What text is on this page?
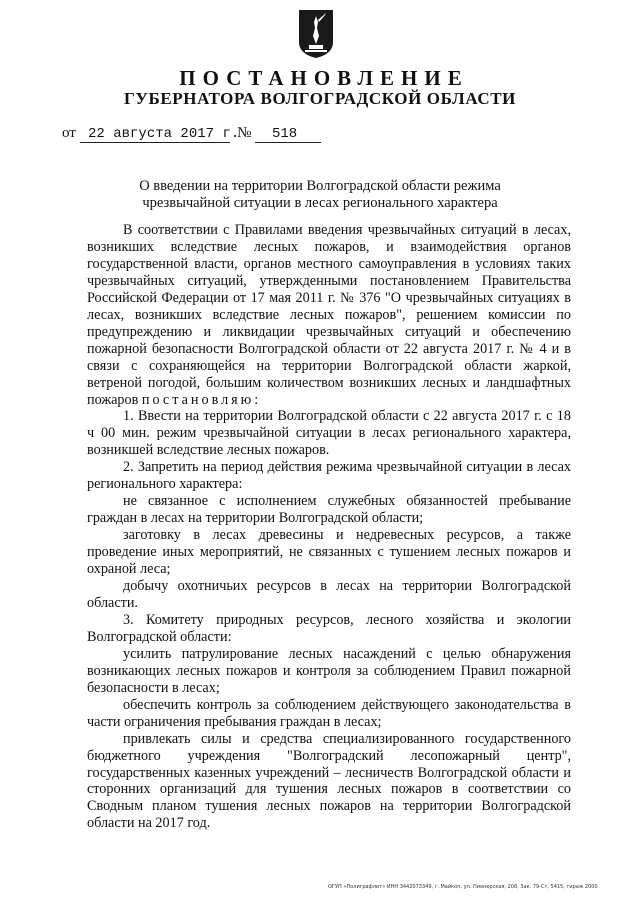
ПОСТАНОВЛЕНИЕ
ГУБЕРНАТОРА ВОЛГОГРАДСКОЙ ОБЛАСТИ
от 22 августа 2017 г.  № 518
О введении на территории Волгоградской области режима
чрезвычайной ситуации в лесах регионального характера

В соответствии с Правилами введения чрезвычайных ситуаций в лесах, возникших вследствие лесных пожаров, и взаимодействия органов государственной власти, органов местного самоуправления в условиях таких чрезвычайных ситуаций, утвержденными постановлением Правительства Российской Федерации от 17 мая 2011 г. № 376 "О чрезвычайных ситуациях в лесах, возникших вследствие лесных пожаров", решением комиссии по предупреждению и ликвидации чрезвычайных ситуаций и обеспечению пожарной безопасности Волгоградской области от 22 августа 2017 г. № 4 и в связи с сохраняющейся на территории Волгоградской области жаркой, ветреной погодой, большим количеством возникших лесных и ландшафтных пожаров постановляю:

1. Ввести на территории Волгоградской области с 22 августа 2017 г. с 18 ч 00 мин. режим чрезвычайной ситуации в лесах регионального характера, возникшей вследствие лесных пожаров.

2. Запретить на период действия режима чрезвычайной ситуации в лесах регионального характера:

не связанное с исполнением служебных обязанностей пребывание граждан в лесах на территории Волгоградской области;

заготовку в лесах древесины и недревесных ресурсов, а также проведение иных мероприятий, не связанных с тушением лесных пожаров и охраной леса;

добычу охотничьих ресурсов в лесах на территории Волгоградской области.

3. Комитету природных ресурсов, лесного хозяйства и экологии Волгоградской области:

усилить патрулирование лесных насаждений с целью обнаружения возникающих лесных пожаров и контроля за соблюдением Правил пожарной безопасности в лесах;

обеспечить контроль за соблюдением действующего законодательства в части ограничения пребывания граждан в лесах;

привлекать силы и средства специализированного государственного бюджетного учреждения "Волгоградский лесопожарный центр", государственных казенных учреждений – лесничеств Волгоградской области и сторонних организаций для тушения лесных пожаров в соответствии со Сводным планом тушения лесных пожаров на территории Волгоградской области на 2017 год.

ОГУП «Полиграфлит» ИНН 3442073349, г. Майкоп, ул. Пионерская, 208, Зак. 79-Ст, 5415, тираж 2000
